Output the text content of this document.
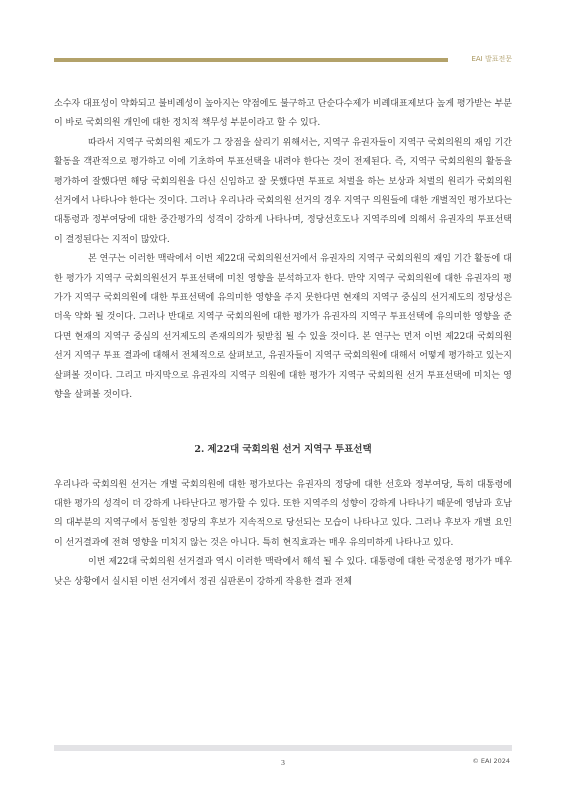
EAI 발표전문

소수자 대표성이 약화되고 불비례성이 높아지는 약점에도 불구하고 단순다수제가 비례대표제보다 높게 평가받는 부분이 바로 국회의원 개인에 대한 정치적 책무성 부분이라고 할 수 있다.

따라서 지역구 국회의원 제도가 그 장점을 살리기 위해서는, 지역구 유권자들이 지역구 국회의원의 재임 기간 활동을 객관적으로 평가하고 이에 기초하여 투표선택을 내려야 한다는 것이 전제된다. 즉, 지역구 국회의원의 활동을 평가하여 잘했다면 해당 국회의원을 다신 신임하고 잘 못했다면 투표로 처벌을 하는 보상과 처벌의 원리가 국회의원 선거에서 나타나야 한다는 것이다. 그러나 우리나라 국회의원 선거의 경우 지역구 의원들에 대한 개별적인 평가보다는 대통령과 정부여당에 대한 중간평가의 성격이 강하게 나타나며, 정당선호도나 지역주의에 의해서 유권자의 투표선택이 결정된다는 지적이 많았다.

본 연구는 이러한 맥락에서 이번 제22대 국회의원선거에서 유권자의 지역구 국회의원의 재임 기간 활동에 대한 평가가 지역구 국회의원선거 투표선택에 미친 영향을 분석하고자 한다. 만약 지역구 국회의원에 대한 유권자의 평가가 지역구 국회의원에 대한 투표선택에 유의미한 영향을 주지 못한다면 현재의 지역구 중심의 선거제도의 정당성은 더욱 약화 될 것이다. 그러나 반대로 지역구 국회의원에 대한 평가가 유권자의 지역구 투표선택에 유의미한 영향을 준다면 현재의 지역구 중심의 선거제도의 존재의의가 뒷받침 될 수 있을 것이다. 본 연구는 먼저 이번 제22대 국회의원 선거 지역구 투표 결과에 대해서 전체적으로 살펴보고, 유권자들이 지역구 국회의원에 대해서 어떻게 평가하고 있는지 살펴볼 것이다. 그리고 마지막으로 유권자의 지역구 의원에 대한 평가가 지역구 국회의원 선거 투표선택에 미치는 영향을 살펴볼 것이다.

2. 제22대 국회의원 선거 지역구 투표선택

우리나라 국회의원 선거는 개별 국회의원에 대한 평가보다는 유권자의 정당에 대한 선호와 정부여당, 특히 대통령에 대한 평가의 성격이 더 강하게 나타난다고 평가할 수 있다. 또한 지역주의 성향이 강하게 나타나기 때문에 영남과 호남의 대부분의 지역구에서 동일한 정당의 후보가 지속적으로 당선되는 모습이 나타나고 있다. 그러나 후보자 개별 요인이 선거결과에 전혀 영향을 미치지 않는 것은 아니다. 특히 현직효과는 매우 유의미하게 나타나고 있다.

이번 제22대 국회의원 선거결과 역시 이러한 맥락에서 해석 될 수 있다. 대통령에 대한 국정운영 평가가 매우 낮은 상황에서 실시된 이번 선거에서 정권 심판론이 강하게 작용한 결과 전체

3	© EAI 2024
